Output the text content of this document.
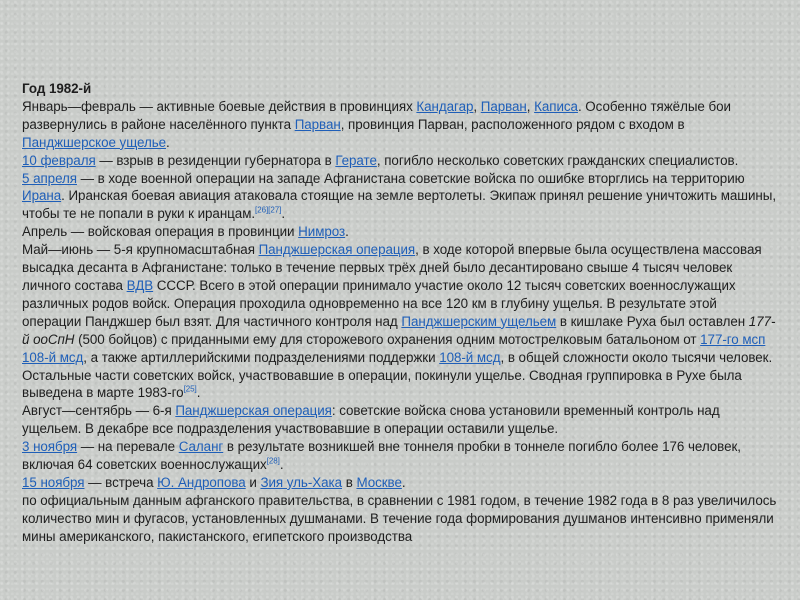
Год 1982-й

Январь—февраль — активные боевые действия в провинциях Кандагар, Парван, Каписа. Особенно тяжёлые бои развернулись в районе населённого пункта Парван, провинция Парван, расположенного рядом с входом в Панджшерское ущелье.

10 февраля — взрыв в резиденции губернатора в Герате, погибло несколько советских гражданских специалистов.

5 апреля — в ходе военной операции на западе Афганистана советские войска по ошибке вторглись на территорию Ирана. Иранская боевая авиация атаковала стоящие на земле вертолеты. Экипаж принял решение уничтожить машины, чтобы те не попали в руки к иранцам.[26][27].

Апрель — войсковая операция в провинции Нимроз.

Май—июнь — 5-я крупномасштабная Панджшерская операция, в ходе которой впервые была осуществлена массовая высадка десанта в Афганистане: только в течение первых трёх дней было десантировано свыше 4 тысяч человек личного состава ВДВ СССР. Всего в этой операции принимало участие около 12 тысяч советских военнослужащих различных родов войск. Операция проходила одновременно на все 120 км в глубину ущелья. В результате этой операции Панджшер был взят. Для частичного контроля над Панджшерским ущельем в кишлаке Руха был оставлен 177-й ооСпН (500 бойцов) с приданными ему для сторожевого охранения одним мотострелковым батальоном от 177-го мсп 108-й мсд, а также артиллерийскими подразделениями поддержки 108-й мсд, в общей сложности около тысячи человек. Остальные части советских войск, участвовавшие в операции, покинули ущелье. Сводная группировка в Рухе была выведена в марте 1983-го[25].

Август—сентябрь — 6-я Панджшерская операция: советские войска снова установили временный контроль над ущельем. В декабре все подразделения участвовавшие в операции оставили ущелье.

3 ноября — на перевале Саланг в результате возникшей вне тоннеля пробки в тоннеле погибло более 176 человек, включая 64 советских военнослужащих[28].

15 ноября — встреча Ю. Андропова и Зия уль-Хака в Москве.

по официальным данным афганского правительства, в сравнении с 1981 годом, в течение 1982 года в 8 раз увеличилось количество мин и фугасов, установленных душманами. В течение года формирования душманов интенсивно применяли мины американского, пакистанского, египетского производства
